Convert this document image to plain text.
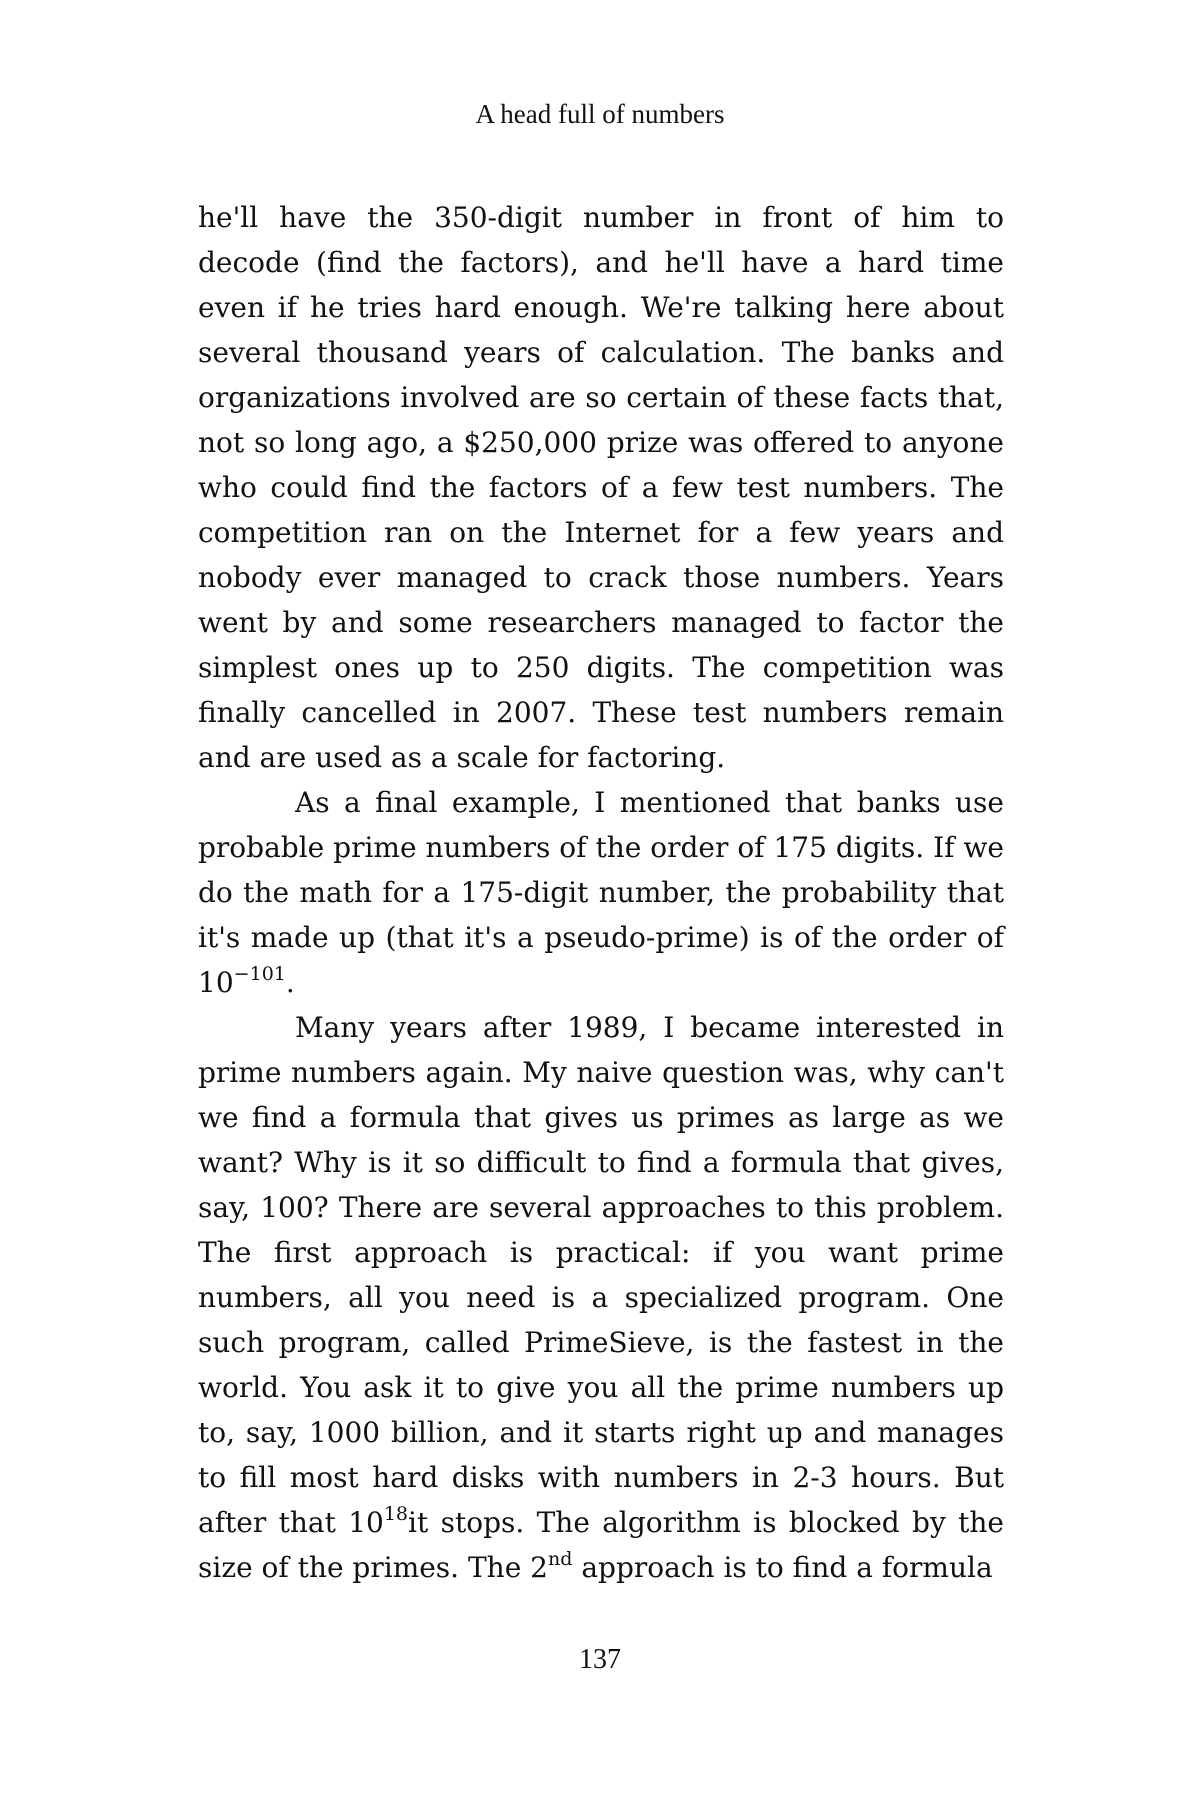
A head full of numbers

he'll have the 350-digit number in front of him to decode (find the factors), and he'll have a hard time even if he tries hard enough. We're talking here about several thousand years of calculation. The banks and organizations involved are so certain of these facts that, not so long ago, a $250,000 prize was offered to anyone who could find the factors of a few test numbers. The competition ran on the Internet for a few years and nobody ever managed to crack those numbers. Years went by and some researchers managed to factor the simplest ones up to 250 digits. The competition was finally cancelled in 2007. These test numbers remain and are used as a scale for factoring.

As a final example, I mentioned that banks use probable prime numbers of the order of 175 digits. If we do the math for a 175-digit number, the probability that it's made up (that it's a pseudo-prime) is of the order of $10^{-101}$.

Many years after 1989, I became interested in prime numbers again. My naive question was, why can't we find a formula that gives us primes as large as we want? Why is it so difficult to find a formula that gives, say, 100? There are several approaches to this problem. The first approach is practical: if you want prime numbers, all you need is a specialized program. One such program, called PrimeSieve, is the fastest in the world. You ask it to give you all the prime numbers up to, say, 1000 billion, and it starts right up and manages to fill most hard disks with numbers in 2-3 hours. But after that $10^{18}it$ stops. The algorithm is blocked by the size of the primes. The 2nd approach is to find a formula

137
